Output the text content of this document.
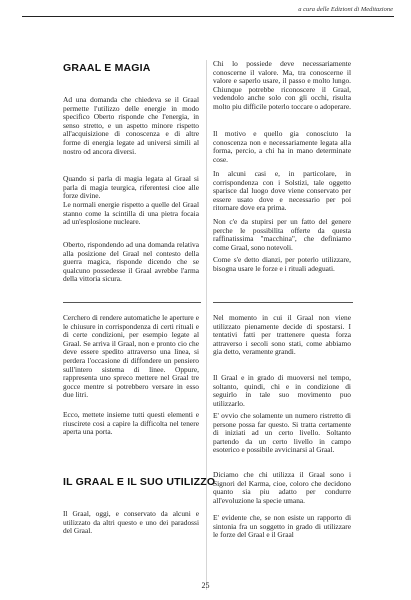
a cura delle Edizioni di Meditazione
GRAAL E MAGIA

Ad una domanda che chiedeva se il Graal permette l'utilizzo delle energie in modo specifico Oberto risponde che l'energia, in senso stretto, e un aspetto minore rispetto all'acquisizione di conoscenza e di altre forme di energia legate ad universi simili al nostro od ancora diversi.

Quando si parla di magia legata al Graal si parla di magia teurgica, riferentesi cioe alle forze divine.

Le normali energie rispetto a quelle del Graal stanno come la scintilla di una pietra focaia ad un'esplosione nucleare.

Oberto, rispondendo ad una domanda relativa alla posizione del Graal nel contesto della guerra magica, risponde dicendo che se qualcuno possedesse il Graal avrebbe l'arma della vittoria sicura.

Cerchero di rendere automatiche le aperture e le chiusure in corrispondenza di certi rituali e di certe condizioni, per esempio legate al Graal. Se arriva il Graal, non e pronto cio che deve essere spedito attraverso una linea, si perdera l'occasione di diffondere un pensiero sull'intero sistema di linee. Oppure, rappresenta uno spreco mettere nel Graal tre gocce mentre si potrebbero versare in esso due litri.

Ecco, mettete insieme tutti questi elementi e riuscirete cosi a capire la difficolta nel tenere aperta una porta.

IL GRAAL E IL SUO UTILIZZO

Il Graal, oggi, e conservato da alcuni e utilizzato da altri questo e uno dei paradossi del Graal.

Chi lo possiede deve necessariamente conoscerne il valore. Ma, tra conoscerne il valore e saperlo usare, il passo e molto lungo. Chiunque potrebbe riconoscere il Graal, vedendolo anche solo con gli occhi, risulta molto piu difficile poterlo toccare o adoperare.

Il motivo e quello gia conosciuto la conoscenza non e necessariamente legata alla forma, percio, a chi ha in mano determinate cose.

In alcuni casi e, in particolare, in corrispondenza con i Solstizi, tale oggetto sparisce dal luogo dove viene conservato per essere usato dove e necessario per poi ritornare dove era prima.

Non c'e da stupirsi per un fatto del genere perche le possibilita offerte da questa raffinatissima "macchina", che definiamo come Graal, sono notevoli.

Come s'e detto dianzi, per poterlo utilizzare, bisogna usare le forze e i rituali adeguati.

Nel momento in cui il Graal non viene utilizzato pienamente decide di spostarsi. I tentativi fatti per trattenere questa forza attraverso i secoli sono stati, come abbiamo gia detto, veramente grandi.

Il Graal e in grado di muoversi nel tempo, soltanto, quindi, chi e in condizione di seguirlo in tale suo movimento puo utilizzarlo.

E' ovvio che solamente un numero ristretto di persone possa far questo. Si tratta certamente di iniziati ad un certo livello. Soltanto partendo da un certo livello in campo esoterico e possibile avvicinarsi al Graal.

Diciamo che chi utilizza il Graal sono i Signori del Karma, cioe, coloro che decidono quanto sia piu adatto per condurre all'evoluzione la specie umana.

E' evidente che, se non esiste un rapporto di sintonia fra un soggetto in grado di utilizzare le forze del Graal e il Graal

25
